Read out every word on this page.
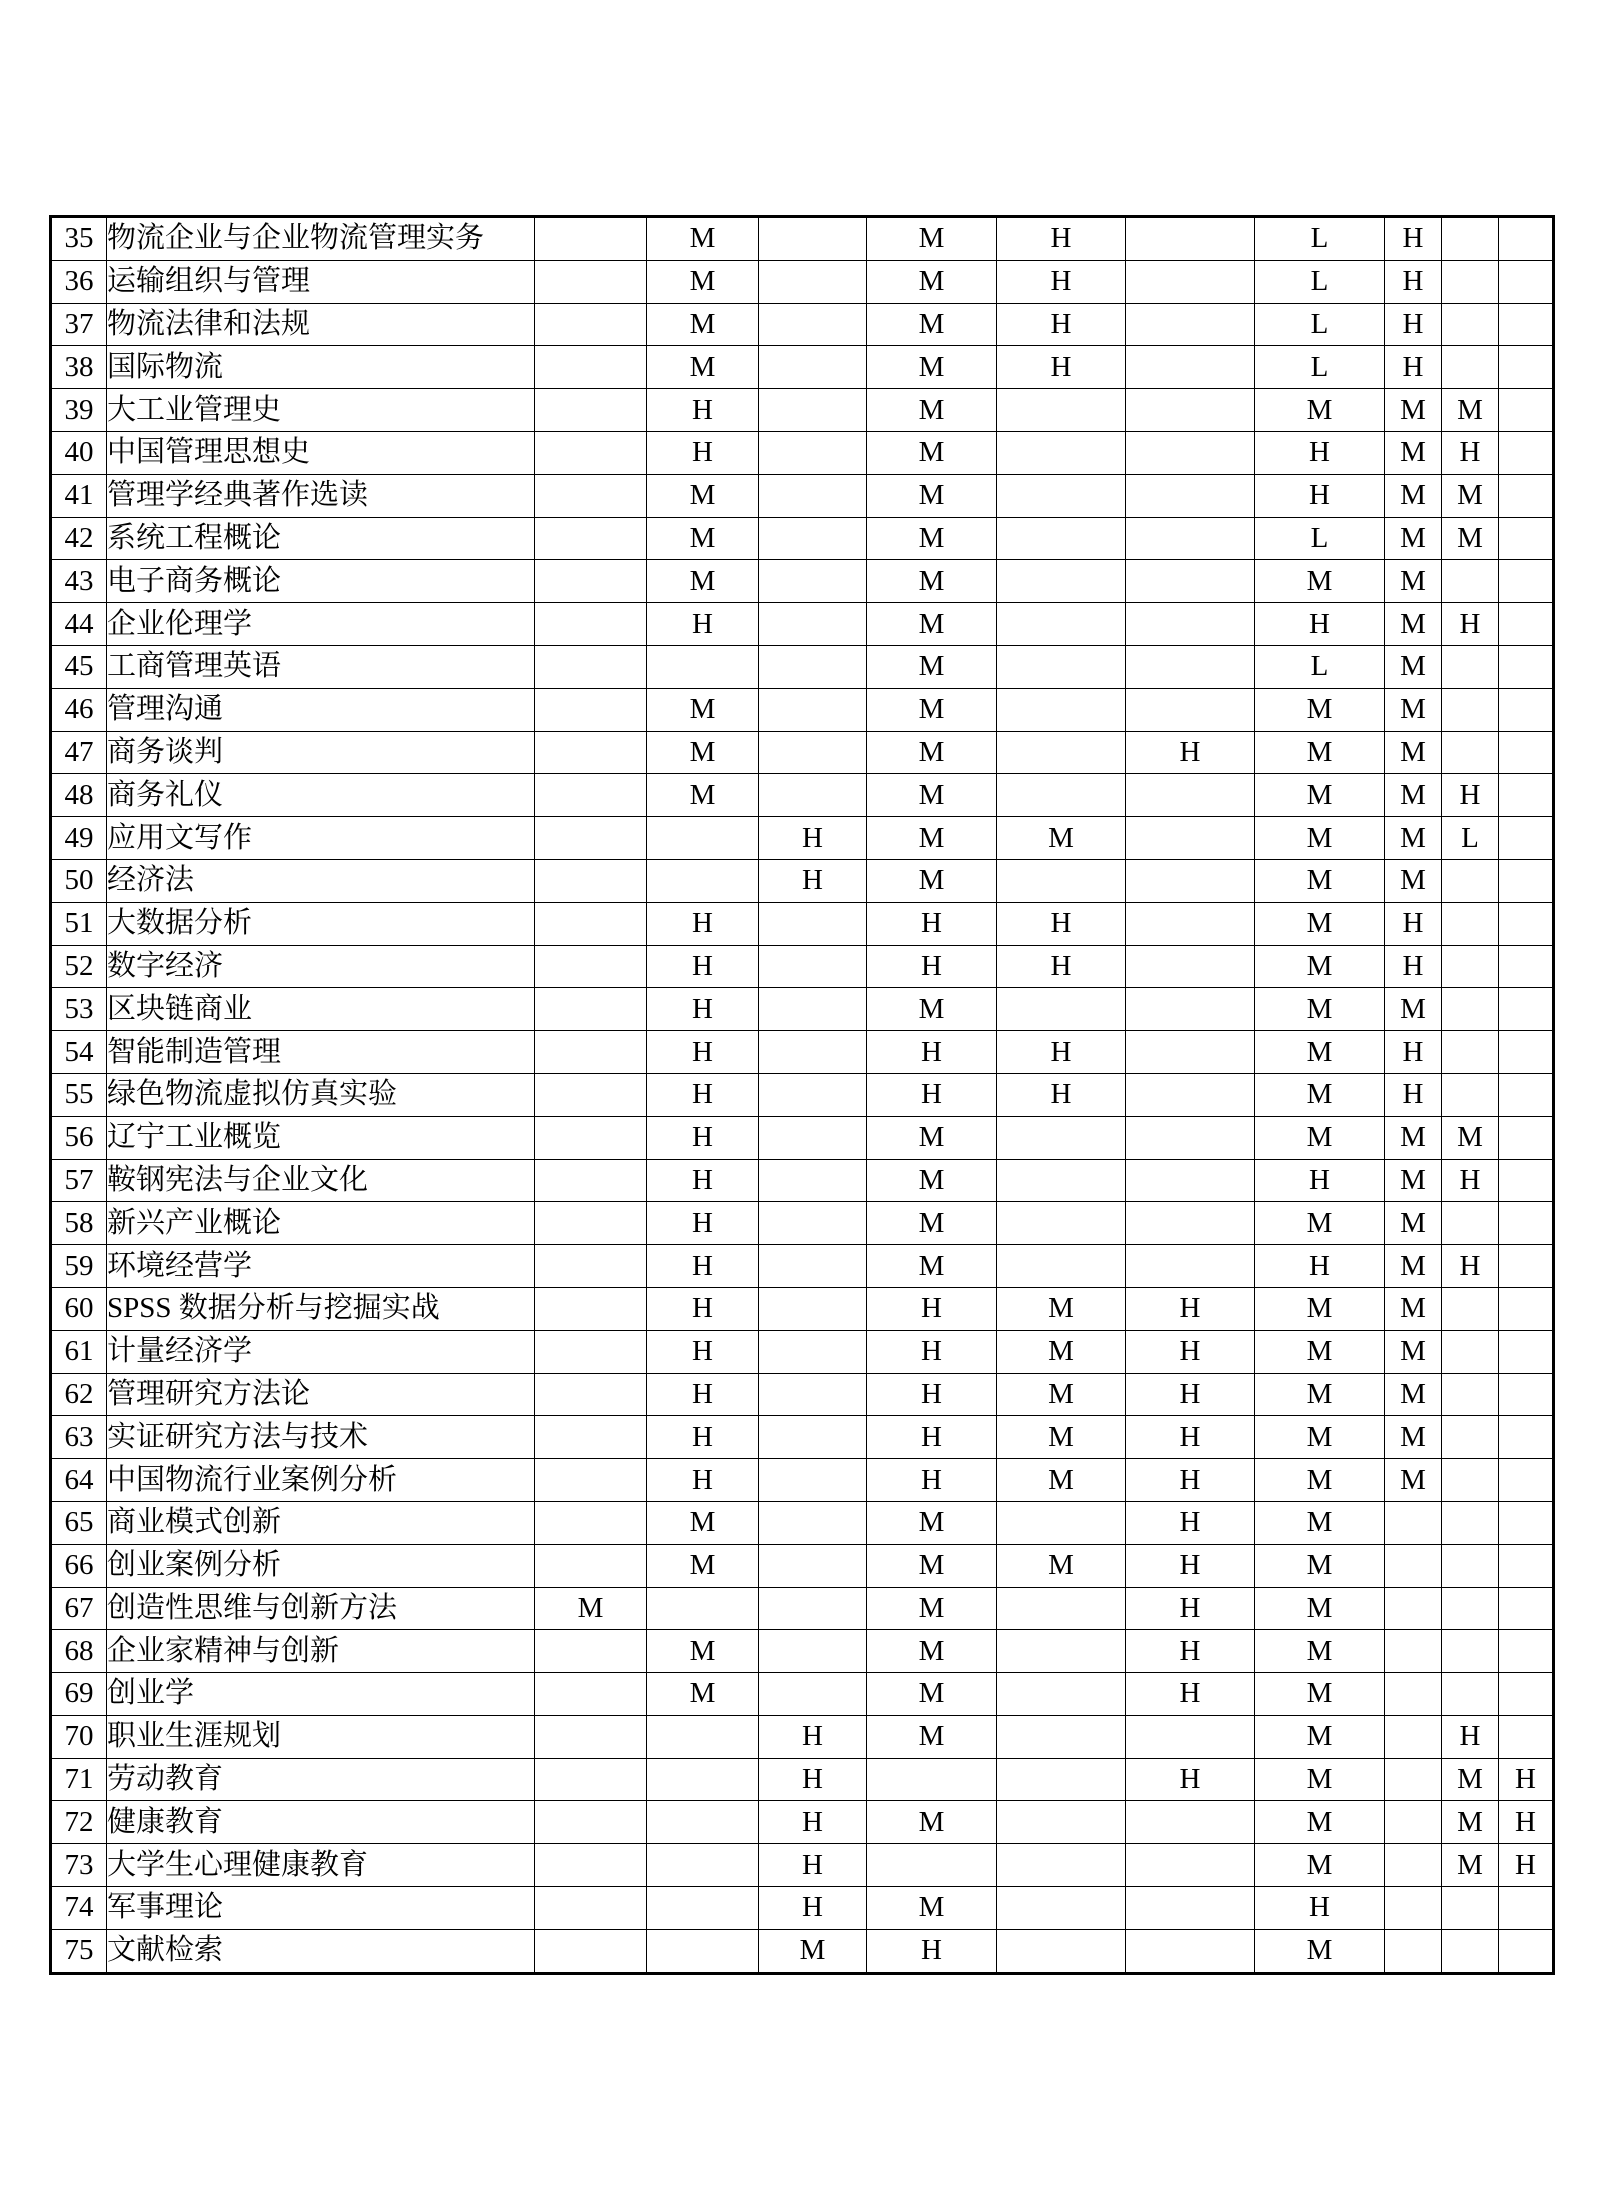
35	物流企业与企业物流管理实务		M		M	H		L	H		
36	运输组织与管理		M		M	H		L	H		
37	物流法律和法规		M		M	H		L	H		
38	国际物流		M		M	H		L	H		
39	大工业管理史		H		M			M	M	M	
40	中国管理思想史		H		M			H	M	H	
41	管理学经典著作选读		M		M			H	M	M	
42	系统工程概论		M		M			L	M	M	
43	电子商务概论		M		M			M	M		
44	企业伦理学		H		M			H	M	H	
45	工商管理英语				M			L	M		
46	管理沟通		M		M			M	M		
47	商务谈判		M		M		H	M	M		
48	商务礼仪		M		M			M	M	H	
49	应用文写作			H	M	M		M	M	L	
50	经济法			H	M			M	M		
51	大数据分析		H		H	H		M	H		
52	数字经济		H		H	H		M	H		
53	区块链商业		H		M			M	M		
54	智能制造管理		H		H	H		M	H		
55	绿色物流虚拟仿真实验		H		H	H		M	H		
56	辽宁工业概览		H		M			M	M	M	
57	鞍钢宪法与企业文化		H		M			H	M	H	
58	新兴产业概论		H		M			M	M		
59	环境经营学		H		M			H	M	H	
60	SPSS 数据分析与挖掘实战		H		H	M	H	M	M		
61	计量经济学		H		H	M	H	M	M		
62	管理研究方法论		H		H	M	H	M	M		
63	实证研究方法与技术		H		H	M	H	M	M		
64	中国物流行业案例分析		H		H	M	H	M	M		
65	商业模式创新		M		M		H	M			
66	创业案例分析		M		M	M	H	M			
67	创造性思维与创新方法	M			M		H	M			
68	企业家精神与创新		M		M		H	M			
69	创业学		M		M		H	M			
70	职业生涯规划			H	M			M		H	
71	劳动教育			H			H	M		M	H
72	健康教育			H	M			M		M	H
73	大学生心理健康教育			H				M		M	H
74	军事理论			H	M			H			
75	文献检索			M	H			M			
